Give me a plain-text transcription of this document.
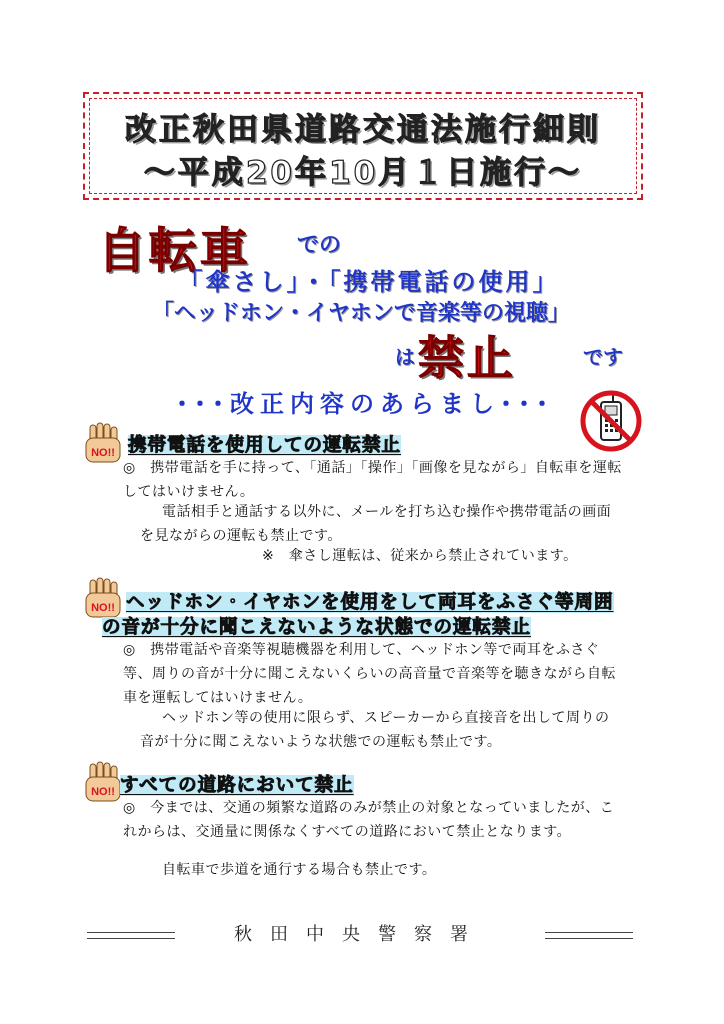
改正秋田県道路交通法施行細則
～平成20年10月１日施行～
自転車 での
「傘さし」・「携帯電話の使用」
「ヘッドホン・イヤホンで音楽等の視聴」
は 禁止	です
･･･改正内容のあらまし･･･
NO!! 携帯電話を使用しての運転禁止
◎　携帯電話を手に持って、「通話」「操作」「画像を見ながら」自転車を運転してはいけません。
電話相手と通話する以外に、メールを打ち込む操作や携帯電話の画面を見ながらの運転も禁止です。
※　傘さし運転は、従来から禁止されています。
NO!! ヘッドホン・イヤホンを使用をして両耳をふさぐ等周囲
の音が十分に聞こえないような状態での運転禁止
◎　携帯電話や音楽等視聴機器を利用して、ヘッドホン等で両耳をふさぐ等、周りの音が十分に聞こえないくらいの高音量で音楽等を聴きながら自転車を運転してはいけません。
ヘッドホン等の使用に限らず、スピーカーから直接音を出して周りの音が十分に聞こえないような状態での運転も禁止です。
NO!! すべての道路において禁止
◎　今までは、交通の頻繁な道路のみが禁止の対象となっていましたが、これからは、交通量に関係なくすべての道路において禁止となります。
自転車で歩道を通行する場合も禁止です。
秋田中央警察署
